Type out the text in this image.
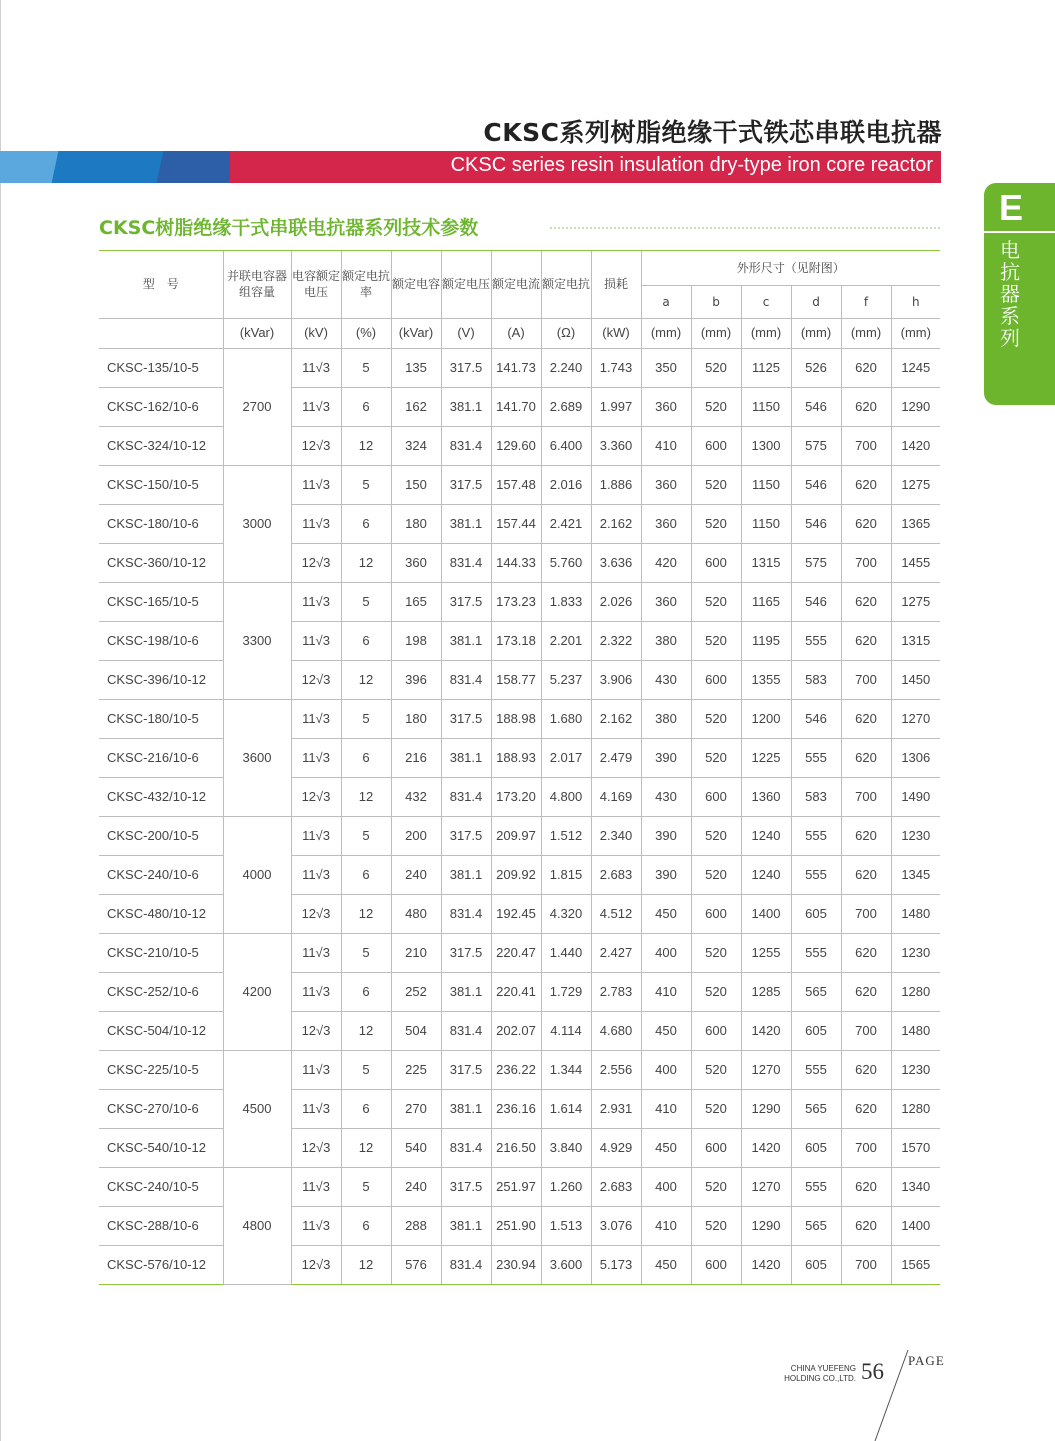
CKSC系列树脂绝缘干式铁芯串联电抗器
CKSC series resin insulation dry-type iron core reactor
E
电抗器系列
CKSC树脂绝缘干式串联电抗器系列技术参数
型　号	并联电容器组容量	电容额定电压	额定电抗率	额定电容	额定电压	额定电流	额定电抗	损耗	外形尺寸（见附图）					
									a	b	c	d	f	h
	(kVar)	(kV)	(%)	(kVar)	(V)	(A)	(Ω)	(kW)	(mm)	(mm)	(mm)	(mm)	(mm)	(mm)
CKSC-135/10-5	2700	11√3	5	135	317.5	141.73	2.240	1.743	350	520	1125	526	620	1245
CKSC-162/10-6		11√3	6	162	381.1	141.70	2.689	1.997	360	520	1150	546	620	1290
CKSC-324/10-12		12√3	12	324	831.4	129.60	6.400	3.360	410	600	1300	575	700	1420
CKSC-150/10-5	3000	11√3	5	150	317.5	157.48	2.016	1.886	360	520	1150	546	620	1275
CKSC-180/10-6		11√3	6	180	381.1	157.44	2.421	2.162	360	520	1150	546	620	1365
CKSC-360/10-12		12√3	12	360	831.4	144.33	5.760	3.636	420	600	1315	575	700	1455
CKSC-165/10-5	3300	11√3	5	165	317.5	173.23	1.833	2.026	360	520	1165	546	620	1275
CKSC-198/10-6		11√3	6	198	381.1	173.18	2.201	2.322	380	520	1195	555	620	1315
CKSC-396/10-12		12√3	12	396	831.4	158.77	5.237	3.906	430	600	1355	583	700	1450
CKSC-180/10-5	3600	11√3	5	180	317.5	188.98	1.680	2.162	380	520	1200	546	620	1270
CKSC-216/10-6		11√3	6	216	381.1	188.93	2.017	2.479	390	520	1225	555	620	1306
CKSC-432/10-12		12√3	12	432	831.4	173.20	4.800	4.169	430	600	1360	583	700	1490
CKSC-200/10-5	4000	11√3	5	200	317.5	209.97	1.512	2.340	390	520	1240	555	620	1230
CKSC-240/10-6		11√3	6	240	381.1	209.92	1.815	2.683	390	520	1240	555	620	1345
CKSC-480/10-12		12√3	12	480	831.4	192.45	4.320	4.512	450	600	1400	605	700	1480
CKSC-210/10-5	4200	11√3	5	210	317.5	220.47	1.440	2.427	400	520	1255	555	620	1230
CKSC-252/10-6		11√3	6	252	381.1	220.41	1.729	2.783	410	520	1285	565	620	1280
CKSC-504/10-12		12√3	12	504	831.4	202.07	4.114	4.680	450	600	1420	605	700	1480
CKSC-225/10-5	4500	11√3	5	225	317.5	236.22	1.344	2.556	400	520	1270	555	620	1230
CKSC-270/10-6		11√3	6	270	381.1	236.16	1.614	2.931	410	520	1290	565	620	1280
CKSC-540/10-12		12√3	12	540	831.4	216.50	3.840	4.929	450	600	1420	605	700	1570
CKSC-240/10-5	4800	11√3	5	240	317.5	251.97	1.260	2.683	400	520	1270	555	620	1340
CKSC-288/10-6		11√3	6	288	381.1	251.90	1.513	3.076	410	520	1290	565	620	1400
CKSC-576/10-12		12√3	12	576	831.4	230.94	3.600	5.173	450	600	1420	605	700	1565
CHINA YUEFENG
HOLDING CO.,LTD. 56 PAGE
